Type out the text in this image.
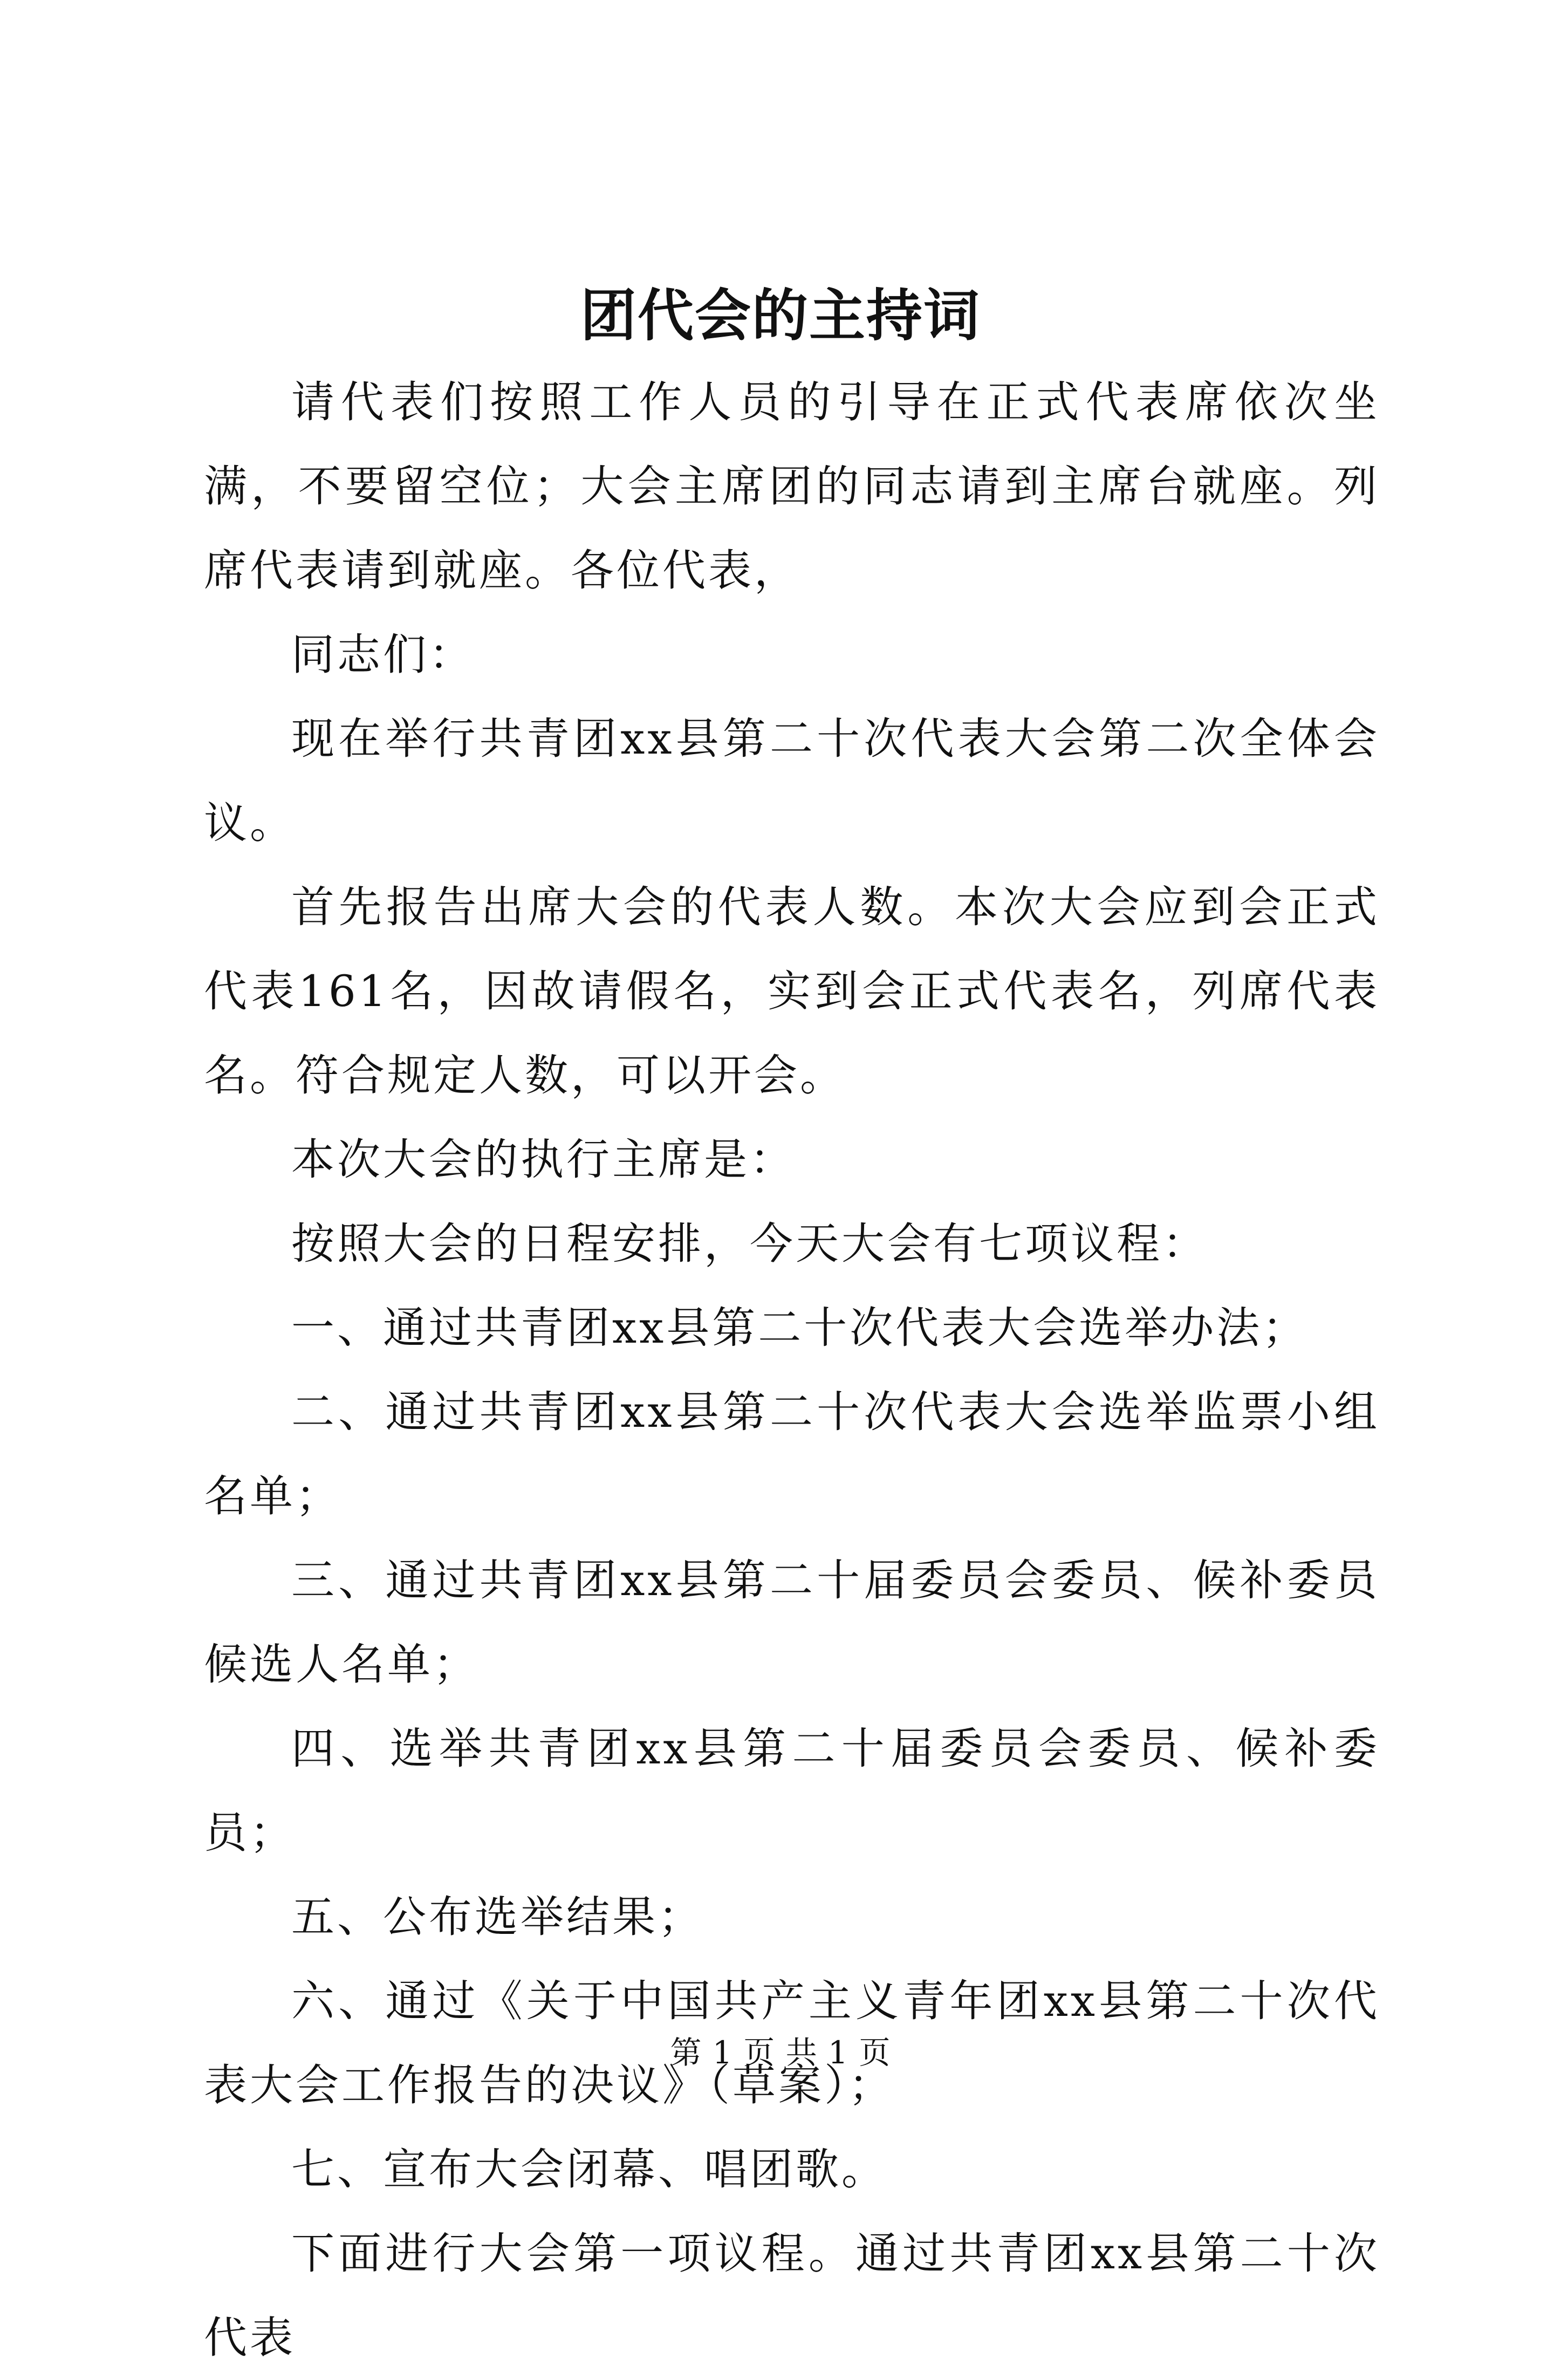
团代会的主持词

请代表们按照工作人员的引导在正式代表席依次坐满，不要留空位；大会主席团的同志请到主席台就座。列席代表请到就座。各位代表，

同志们：

现在举行共青团xx县第二十次代表大会第二次全体会议。

首先报告出席大会的代表人数。本次大会应到会正式代表161名，因故请假名，实到会正式代表名，列席代表名。符合规定人数，可以开会。

本次大会的执行主席是：

按照大会的日程安排，今天大会有七项议程：

一、通过共青团xx县第二十次代表大会选举办法；

二、通过共青团xx县第二十次代表大会选举监票小组名单；

三、通过共青团xx县第二十届委员会委员、候补委员候选人名单；

四、选举共青团xx县第二十届委员会委员、候补委员；

五、公布选举结果；

六、通过《关于中国共产主义青年团xx县第二十次代表大会工作报告的决议》（草案）；

七、宣布大会闭幕、唱团歌。

下面进行大会第一项议程。通过共青团xx县第二十次代表

第 1 页 共 1 页
